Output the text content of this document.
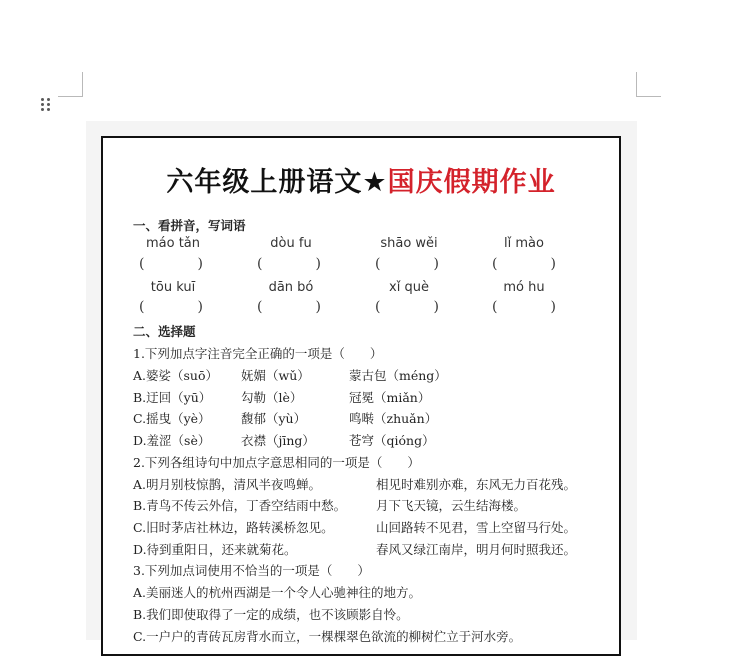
六年级上册语文★国庆假期作业
一、看拼音，写词语
máo tǎn	dòu fu	shāo wěi	lǐ mào
(	)	(	)	(	)	(	)
tōu kuī	dān bó	xǐ què	mó hu
(	)	(	)	(	)	(	)
二、选择题
1.下列加点字注音完全正确的一项是（　　）
A.婆娑（suō） 妩媚（wǔ）	蒙古包（méng）
B.迂回（yū） 勾勒（lè）	冠冕（miǎn）
C.摇曳（yè） 馥郁（yù）	鸣啭（zhuǎn）
D.羞涩（sè） 衣襟（jīng）	苍穹（qióng）
2.下列各组诗句中加点字意思相同的一项是（　　）
A.明月别枝惊鹊，清风半夜鸣蝉。	相见时难别亦难，东风无力百花残。
B.青鸟不传云外信，丁香空结雨中愁。 月下飞天镜，云生结海楼。
C.旧时茅店社林边，路转溪桥忽见。	山回路转不见君，雪上空留马行处。
D.待到重阳日，还来就菊花。	春风又绿江南岸，明月何时照我还。
3.下列加点词使用不恰当的一项是（　　）
A.美丽迷人的杭州西湖是一个令人心驰神往的地方。
B.我们即使取得了一定的成绩，也不该顾影自怜。
C.一户户的青砖瓦房背水而立，一棵棵翠色欲流的柳树伫立于河水旁。
